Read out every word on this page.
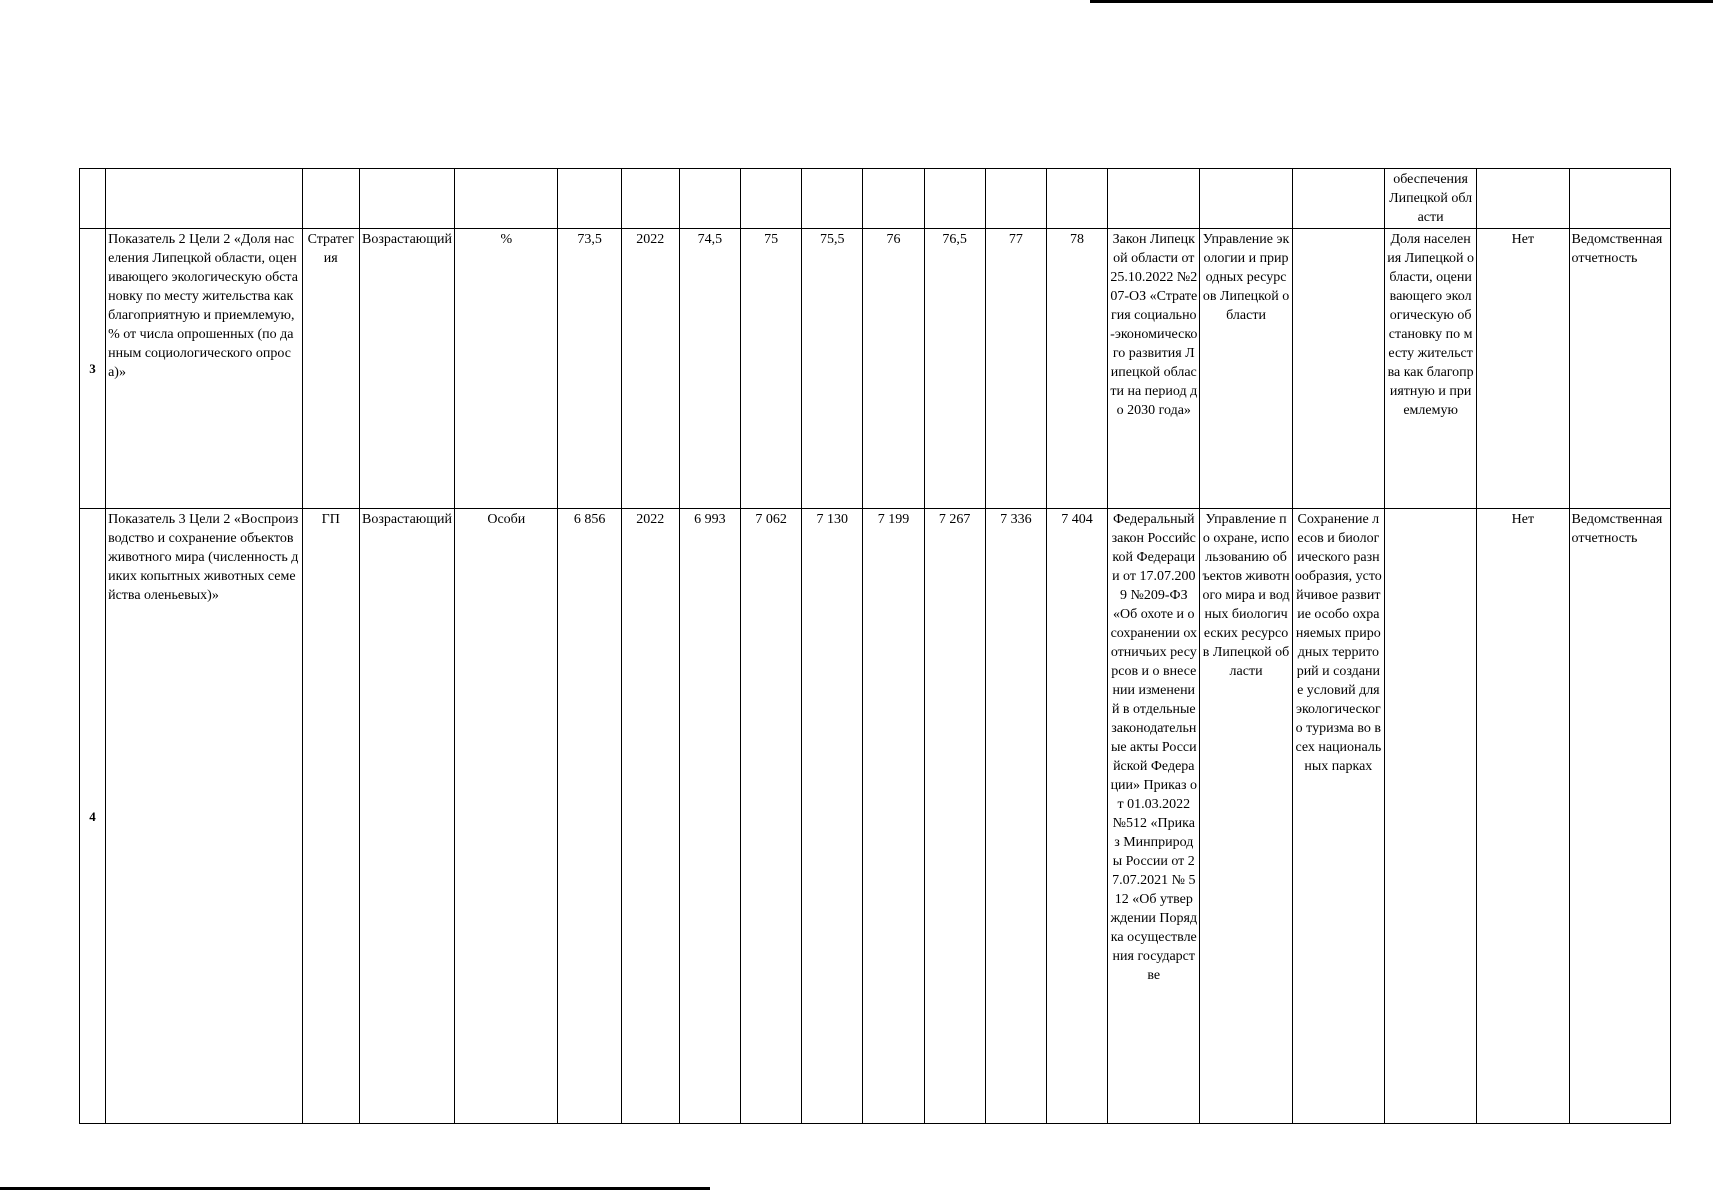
																	обеспечения Липецкой области		
3	Показатель 2 Цели 2 «Доля населения Липецкой области, оценивающего экологическую обстановку по месту жительства как благоприятную и приемлемую, % от числа опрошенных (по данным социологического опроса)»	Стратегия	Возрастающий	%	73,5	2022	74,5	75	75,5	76	76,5	77	78	Закон Липецкой области от 25.10.2022 №207-ОЗ «Стратегия социально-экономического развития Липецкой области на период до 2030 года»	Управление экологии и природных ресурсов Липецкой области		Доля населения Липецкой области, оценивающего экологическую обстановку по месту жительства как благоприятную и приемлемую	Нет	Ведомственная отчетность
4	Показатель 3 Цели 2 «Воспроизводство и сохранение объектов животного мира (численность диких копытных животных семейства оленьевых)»	ГП	Возрастающий	Особи	6 856	2022	6 993	7 062	7 130	7 199	7 267	7 336	7 404	Федеральный закон Российской Федерации от 17.07.2009 №209-ФЗ «Об охоте и о сохранении охотничьих ресурсов и о внесении изменений в отдельные законодательные акты Российской Федерации» Приказ от 01.03.2022 №512 «Приказ Минприроды России от 27.07.2021 № 512 «Об утверждении Порядка осуществления государстве	Управление по охране, использованию объектов животного мира и водных биологических ресурсов Липецкой области	Сохранение лесов и биологического разнообразия, устойчивое развитие особо охраняемых природных территорий и создание условий для экологического туризма во всех национальных парках		Нет	Ведомственная отчетность
